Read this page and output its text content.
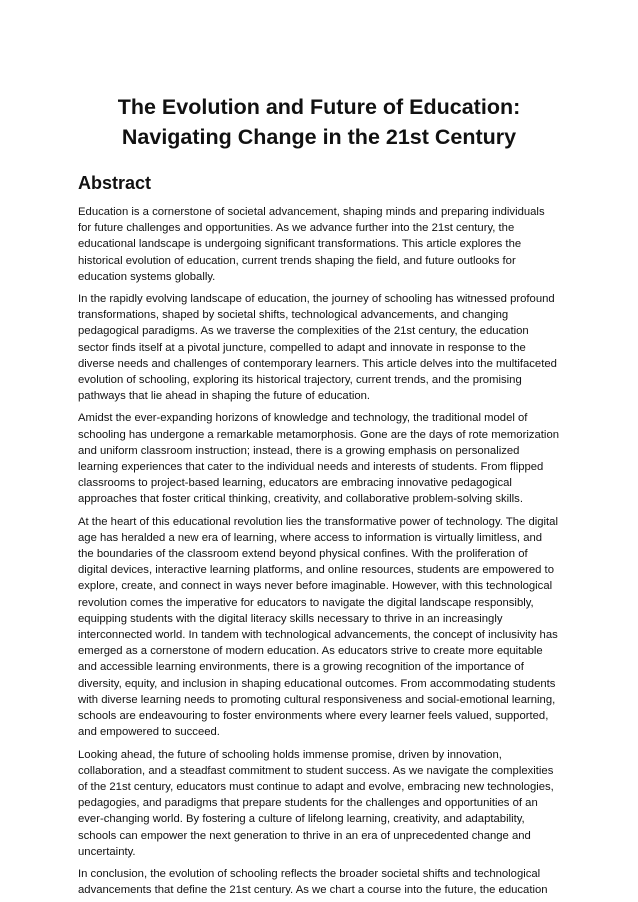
The Evolution and Future of Education: Navigating Change in the 21st Century
Abstract

Education is a cornerstone of societal advancement, shaping minds and preparing individuals for future challenges and opportunities. As we advance further into the 21st century, the educational landscape is undergoing significant transformations. This article explores the historical evolution of education, current trends shaping the field, and future outlooks for education systems globally.

In the rapidly evolving landscape of education, the journey of schooling has witnessed profound transformations, shaped by societal shifts, technological advancements, and changing pedagogical paradigms. As we traverse the complexities of the 21st century, the education sector finds itself at a pivotal juncture, compelled to adapt and innovate in response to the diverse needs and challenges of contemporary learners. This article delves into the multifaceted evolution of schooling, exploring its historical trajectory, current trends, and the promising pathways that lie ahead in shaping the future of education.

Amidst the ever-expanding horizons of knowledge and technology, the traditional model of schooling has undergone a remarkable metamorphosis. Gone are the days of rote memorization and uniform classroom instruction; instead, there is a growing emphasis on personalized learning experiences that cater to the individual needs and interests of students. From flipped classrooms to project-based learning, educators are embracing innovative pedagogical approaches that foster critical thinking, creativity, and collaborative problem-solving skills.

At the heart of this educational revolution lies the transformative power of technology. The digital age has heralded a new era of learning, where access to information is virtually limitless, and the boundaries of the classroom extend beyond physical confines. With the proliferation of digital devices, interactive learning platforms, and online resources, students are empowered to explore, create, and connect in ways never before imaginable. However, with this technological revolution comes the imperative for educators to navigate the digital landscape responsibly, equipping students with the digital literacy skills necessary to thrive in an increasingly interconnected world. In tandem with technological advancements, the concept of inclusivity has emerged as a cornerstone of modern education. As educators strive to create more equitable and accessible learning environments, there is a growing recognition of the importance of diversity, equity, and inclusion in shaping educational outcomes. From accommodating students with diverse learning needs to promoting cultural responsiveness and social-emotional learning, schools are endeavouring to foster environments where every learner feels valued, supported, and empowered to succeed.

Looking ahead, the future of schooling holds immense promise, driven by innovation, collaboration, and a steadfast commitment to student success. As we navigate the complexities of the 21st century, educators must continue to adapt and evolve, embracing new technologies, pedagogies, and paradigms that prepare students for the challenges and opportunities of an ever-changing world. By fostering a culture of lifelong learning, creativity, and adaptability, schools can empower the next generation to thrive in an era of unprecedented change and uncertainty.

In conclusion, the evolution of schooling reflects the broader societal shifts and technological advancements that define the 21st century. As we chart a course into the future, the education
